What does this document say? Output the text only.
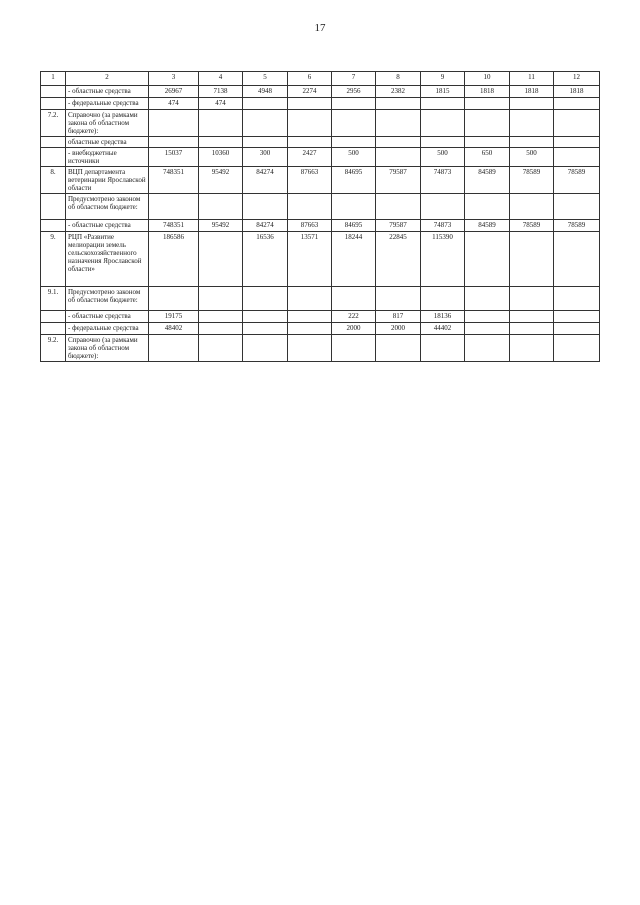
17
1	2	3	4	5	6	7	8	9	10	11	12
	- областные средства	26967	7138	4948	2274	2956	2382	1815	1818	1818	1818
	- федеральные средства	474	474								
7.2.	Справочно (за рамками закона об областном бюджете):										
	областные средства										
	- внебюджетные источники	15037	10360	300	2427	500		500	650	500	
8.	ВЦП департамента ветеринарии Ярославской области	748351	95492	84274	87663	84695	79587	74873	84589	78589	78589
	Предусмотрено законом об областном бюджете:										
	- областные средства	748351	95492	84274	87663	84695	79587	74873	84589	78589	78589
9.	РЦП «Развитие мелиорации земель сельскохозяйственного назначения Ярославской области»	186586		16536	13571	18244	22845	115390			
9.1.	Предусмотрено законом об областном бюджете:										
	- областные средства	19175				222	817	18136			
	- федеральные средства	48402				2000	2000	44402			
9.2.	Справочно (за рамками закона об областном бюджете):										
